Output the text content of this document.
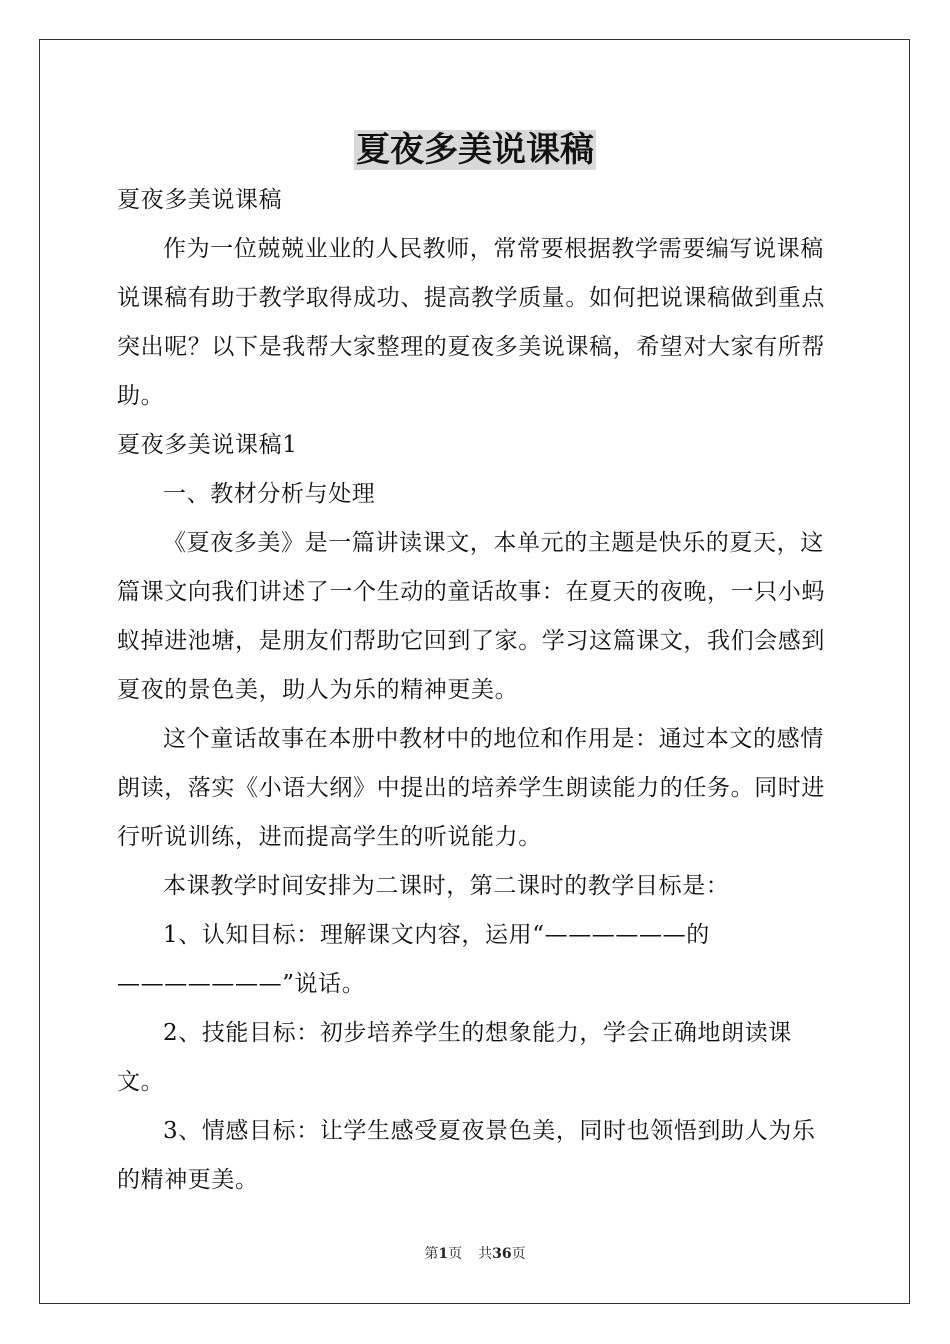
夏夜多美说课稿

夏夜多美说课稿

作为一位兢兢业业的人民教师，常常要根据教学需要编写说课稿说课稿有助于教学取得成功、提高教学质量。如何把说课稿做到重点突出呢？以下是我帮大家整理的夏夜多美说课稿，希望对大家有所帮助。

夏夜多美说课稿1

一、教材分析与处理

《夏夜多美》是一篇讲读课文，本单元的主题是快乐的夏天，这篇课文向我们讲述了一个生动的童话故事：在夏天的夜晚，一只小蚂蚁掉进池塘，是朋友们帮助它回到了家。学习这篇课文，我们会感到夏夜的景色美，助人为乐的精神更美。

这个童话故事在本册中教材中的地位和作用是：通过本文的感情朗读，落实《小语大纲》中提出的培养学生朗读能力的任务。同时进行听说训练，进而提高学生的听说能力。

本课教学时间安排为二课时，第二课时的教学目标是：

1、认知目标：理解课文内容，运用“——————的———————”说话。

2、技能目标：初步培养学生的想象能力，学会正确地朗读课文。

3、情感目标：让学生感受夏夜景色美，同时也领悟到助人为乐的精神更美。

第1页 共36页
